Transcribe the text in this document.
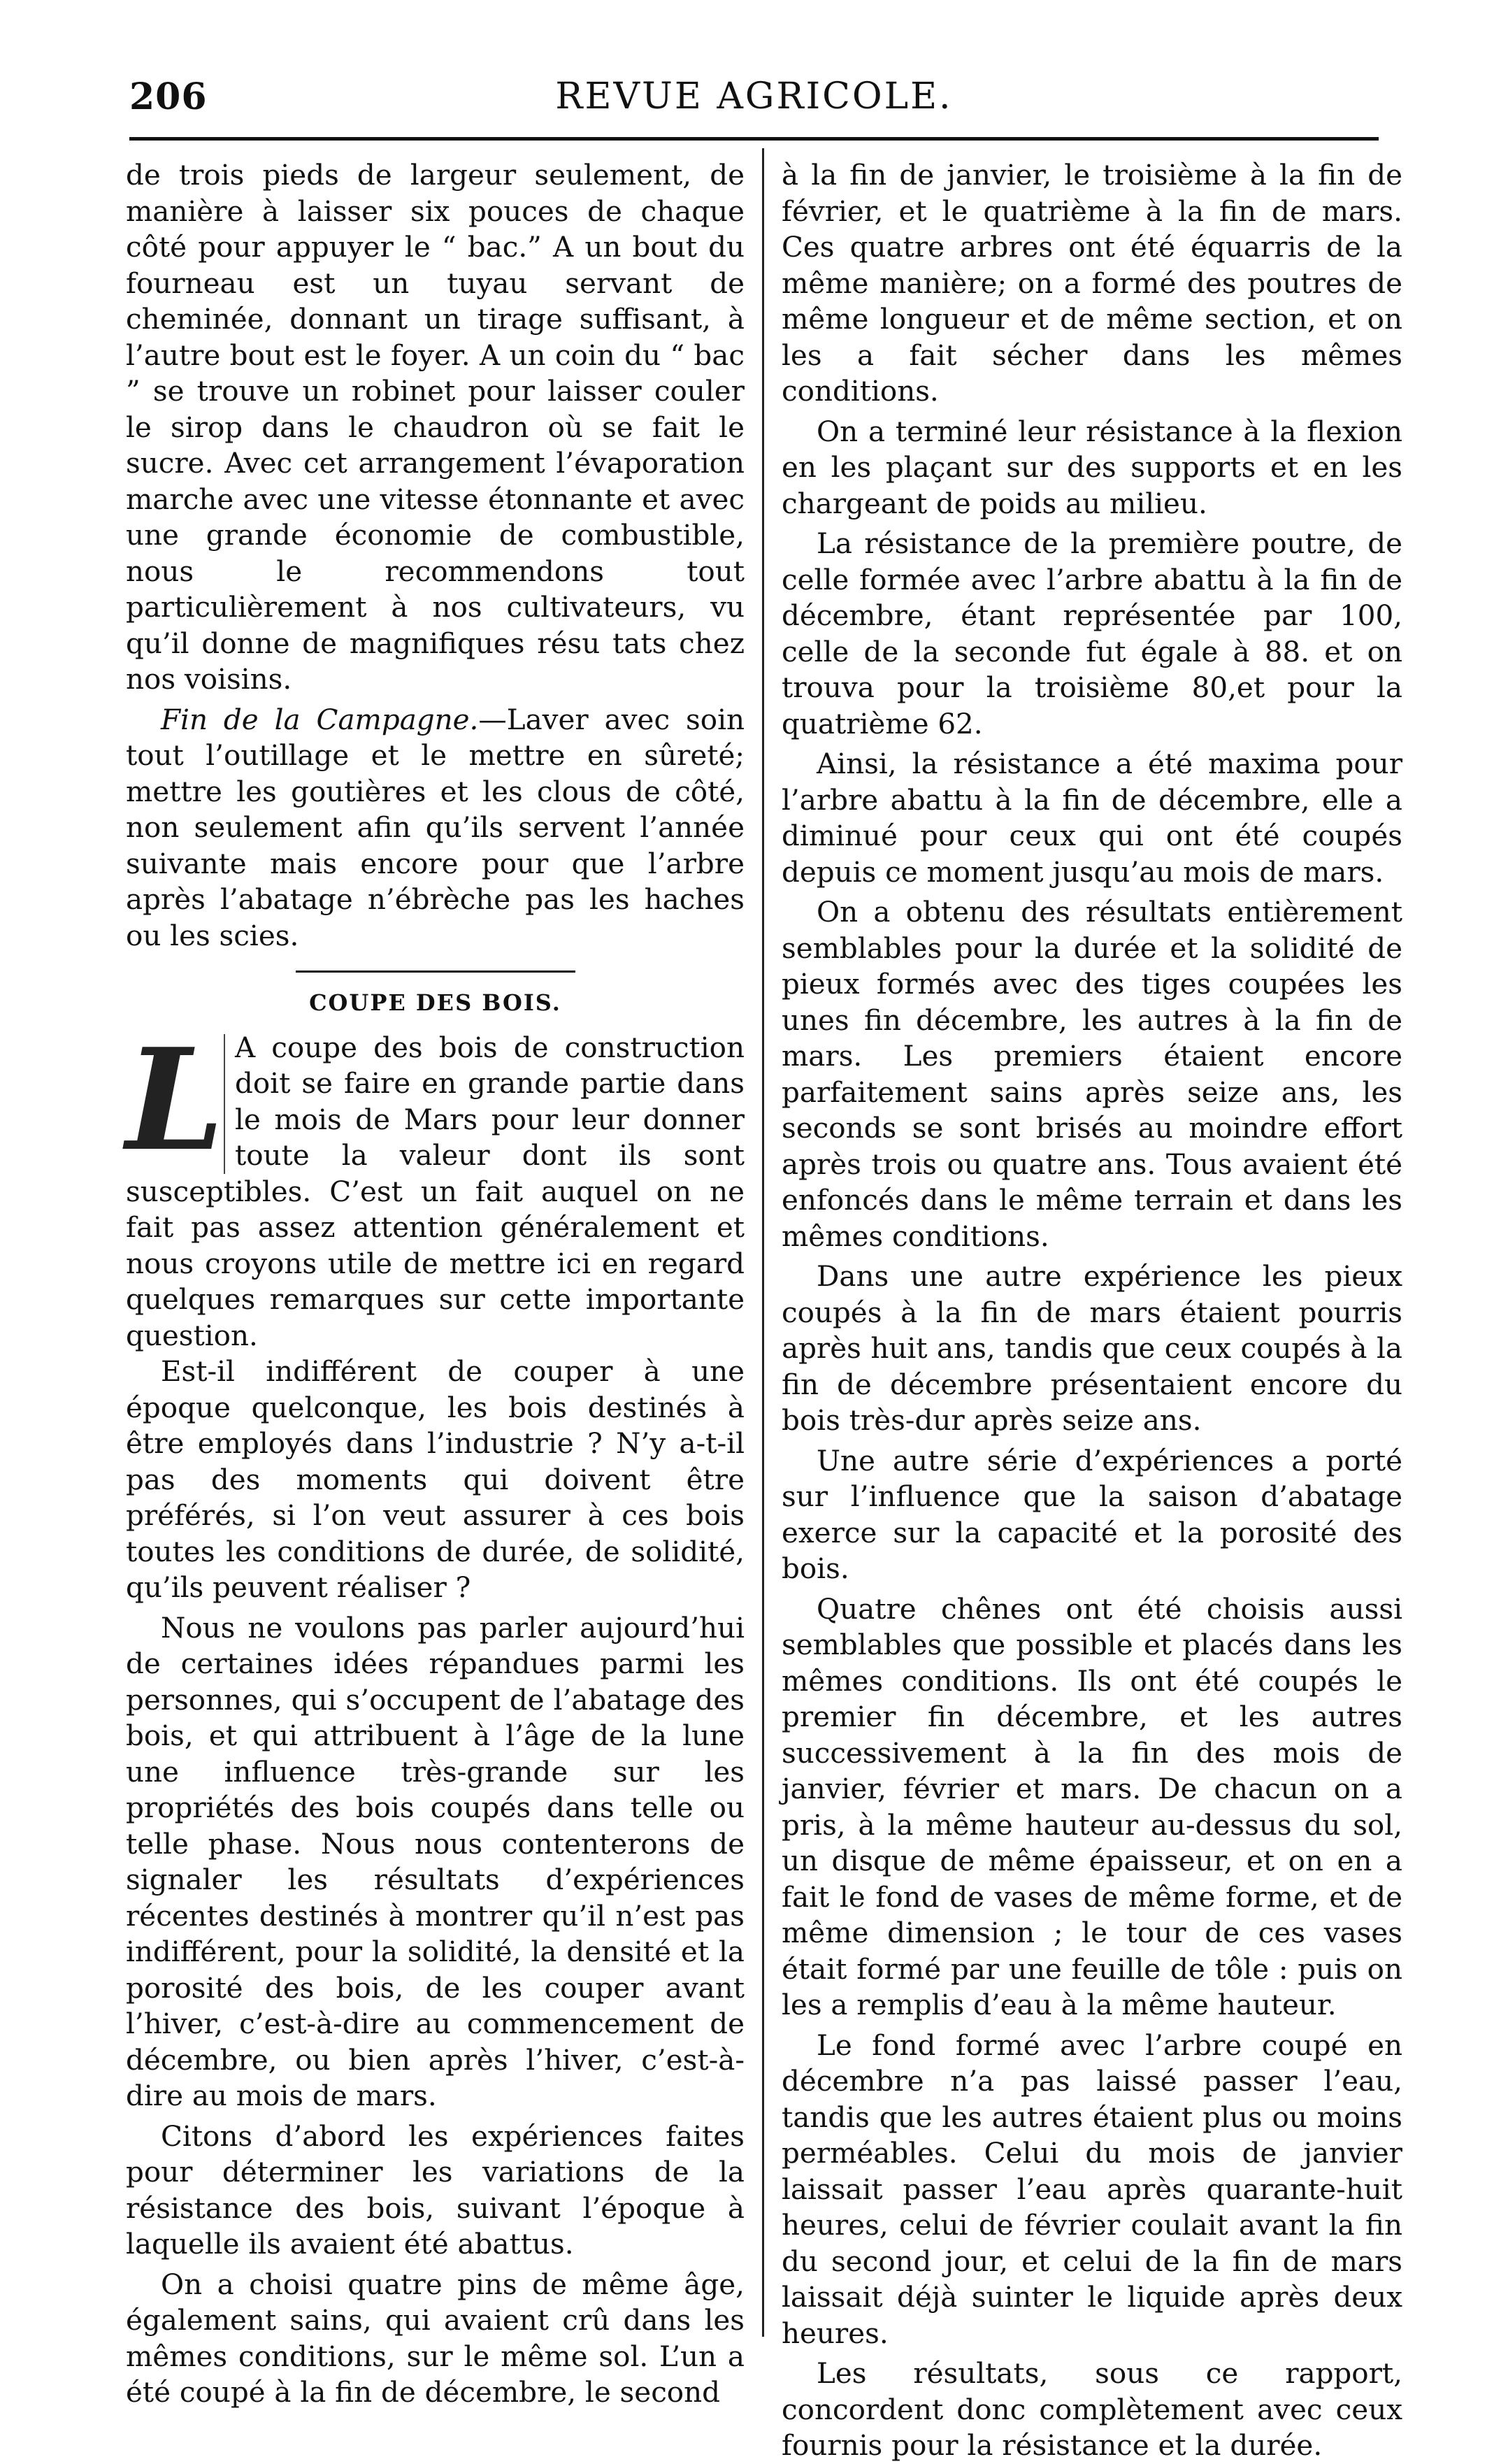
206	REVUE AGRICOLE.

de trois pieds de largeur seulement, de manière à laisser six pouces de chaque côté pour appuyer le “ bac.” A un bout du fourneau est un tuyau servant de cheminée, donnant un tirage suffisant, à l’autre bout est le foyer. A un coin du “ bac ” se trouve un robinet pour laisser couler le sirop dans le chaudron où se fait le sucre. Avec cet arrangement l’évaporation marche avec une vitesse étonnante et avec une grande économie de combustible, nous le recommendons tout particulièrement à nos cultivateurs, vu qu’il donne de magnifiques résu tats chez nos voisins.

Fin de la Campagne.—Laver avec soin tout l’outillage et le mettre en sûreté; mettre les goutières et les clous de côté, non seulement afin qu’ils servent l’année suivante mais encore pour que l’arbre après l’abatage n’ébrèche pas les haches ou les scies.

COUPE DES BOIS.
L A coupe des bois de construction doit se faire en grande partie dans le mois de Mars pour leur donner toute la valeur dont ils sont susceptibles. C’est un fait auquel on ne fait pas assez attention généralement et nous croyons utile de mettre ici en regard quelques remarques sur cette importante question.

Est-il indifférent de couper à une époque quelconque, les bois destinés à être employés dans l’industrie ? N’y a-t-il pas des moments qui doivent être préférés, si l’on veut assurer à ces bois toutes les conditions de durée, de solidité, qu’ils peuvent réaliser ?

Nous ne voulons pas parler aujourd’hui de certaines idées répandues parmi les personnes, qui s’occupent de l’abatage des bois, et qui attribuent à l’âge de la lune une influence très-grande sur les propriétés des bois coupés dans telle ou telle phase. Nous nous contenterons de signaler les résultats d’expériences récentes destinés à montrer qu’il n’est pas indifférent, pour la solidité, la densité et la porosité des bois, de les couper avant l’hiver, c’est-à-dire au commencement de décembre, ou bien après l’hiver, c’est-à-dire au mois de mars.

Citons d’abord les expériences faites pour déterminer les variations de la résistance des bois, suivant l’époque à laquelle ils avaient été abattus.

On a choisi quatre pins de même âge, également sains, qui avaient crû dans les mêmes conditions, sur le même sol. L’un a été coupé à la fin de décembre, le second

à la fin de janvier, le troisième à la fin de février, et le quatrième à la fin de mars. Ces quatre arbres ont été équarris de la même manière; on a formé des poutres de même longueur et de même section, et on les a fait sécher dans les mêmes conditions.

On a terminé leur résistance à la flexion en les plaçant sur des supports et en les chargeant de poids au milieu.

La résistance de la première poutre, de celle formée avec l’arbre abattu à la fin de décembre, étant représentée par 100, celle de la seconde fut égale à 88. et on trouva pour la troisième 80,et pour la quatrième 62.

Ainsi, la résistance a été maxima pour l’arbre abattu à la fin de décembre, elle a diminué pour ceux qui ont été coupés depuis ce moment jusqu’au mois de mars.

On a obtenu des résultats entièrement semblables pour la durée et la solidité de pieux formés avec des tiges coupées les unes fin décembre, les autres à la fin de mars. Les premiers étaient encore parfaitement sains après seize ans, les seconds se sont brisés au moindre effort après trois ou quatre ans. Tous avaient été enfoncés dans le même terrain et dans les mêmes conditions.

Dans une autre expérience les pieux coupés à la fin de mars étaient pourris après huit ans, tandis que ceux coupés à la fin de décembre présentaient encore du bois très-dur après seize ans.

Une autre série d’expériences a porté sur l’influence que la saison d’abatage exerce sur la capacité et la porosité des bois.

Quatre chênes ont été choisis aussi semblables que possible et placés dans les mêmes conditions. Ils ont été coupés le premier fin décembre, et les autres successivement à la fin des mois de janvier, février et mars. De chacun on a pris, à la même hauteur au-dessus du sol, un disque de même épaisseur, et on en a fait le fond de vases de même forme, et de même dimension ; le tour de ces vases était formé par une feuille de tôle : puis on les a remplis d’eau à la même hauteur.

Le fond formé avec l’arbre coupé en décembre n’a pas laissé passer l’eau, tandis que les autres étaient plus ou moins perméables. Celui du mois de janvier laissait passer l’eau après quarante-huit heures, celui de février coulait avant la fin du second jour, et celui de la fin de mars laissait déjà suinter le liquide après deux heures.

Les résultats, sous ce rapport, concordent donc complètement avec ceux fournis pour la résistance et la durée.
